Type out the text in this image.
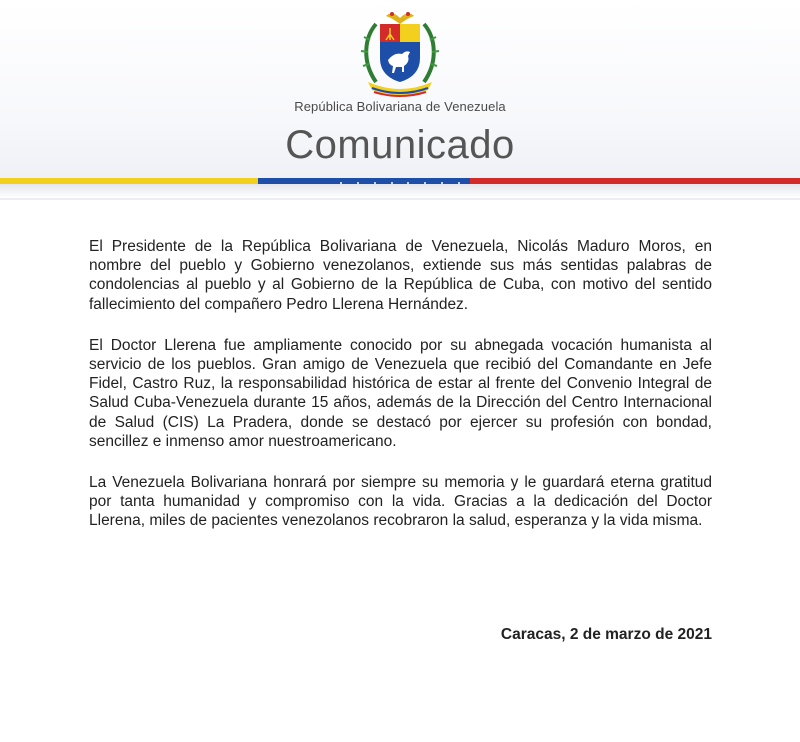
República Bolivariana de Venezuela
Comunicado

El Presidente de la República Bolivariana de Venezuela, Nicolás Maduro Moros, en nombre del pueblo y Gobierno venezolanos, extiende sus más sentidas palabras de condolencias al pueblo y al Gobierno de la República de Cuba, con motivo del sentido fallecimiento del compañero Pedro Llerena Hernández.

El Doctor Llerena fue ampliamente conocido por su abnegada vocación humanista al servicio de los pueblos. Gran amigo de Venezuela que recibió del Comandante en Jefe Fidel, Castro Ruz, la responsabilidad histórica de estar al frente del Convenio Integral de Salud Cuba-Venezuela durante 15 años, además de la Dirección del Centro Internacional de Salud (CIS) La Pradera, donde se destacó por ejercer su profesión con bondad, sencillez e inmenso amor nuestroamericano.

La Venezuela Bolivariana honrará por siempre su memoria y le guardará eterna gratitud por tanta humanidad y compromiso con la vida. Gracias a la dedicación del Doctor Llerena, miles de pacientes venezolanos recobraron la salud, esperanza y la vida misma.

Caracas, 2 de marzo de 2021
